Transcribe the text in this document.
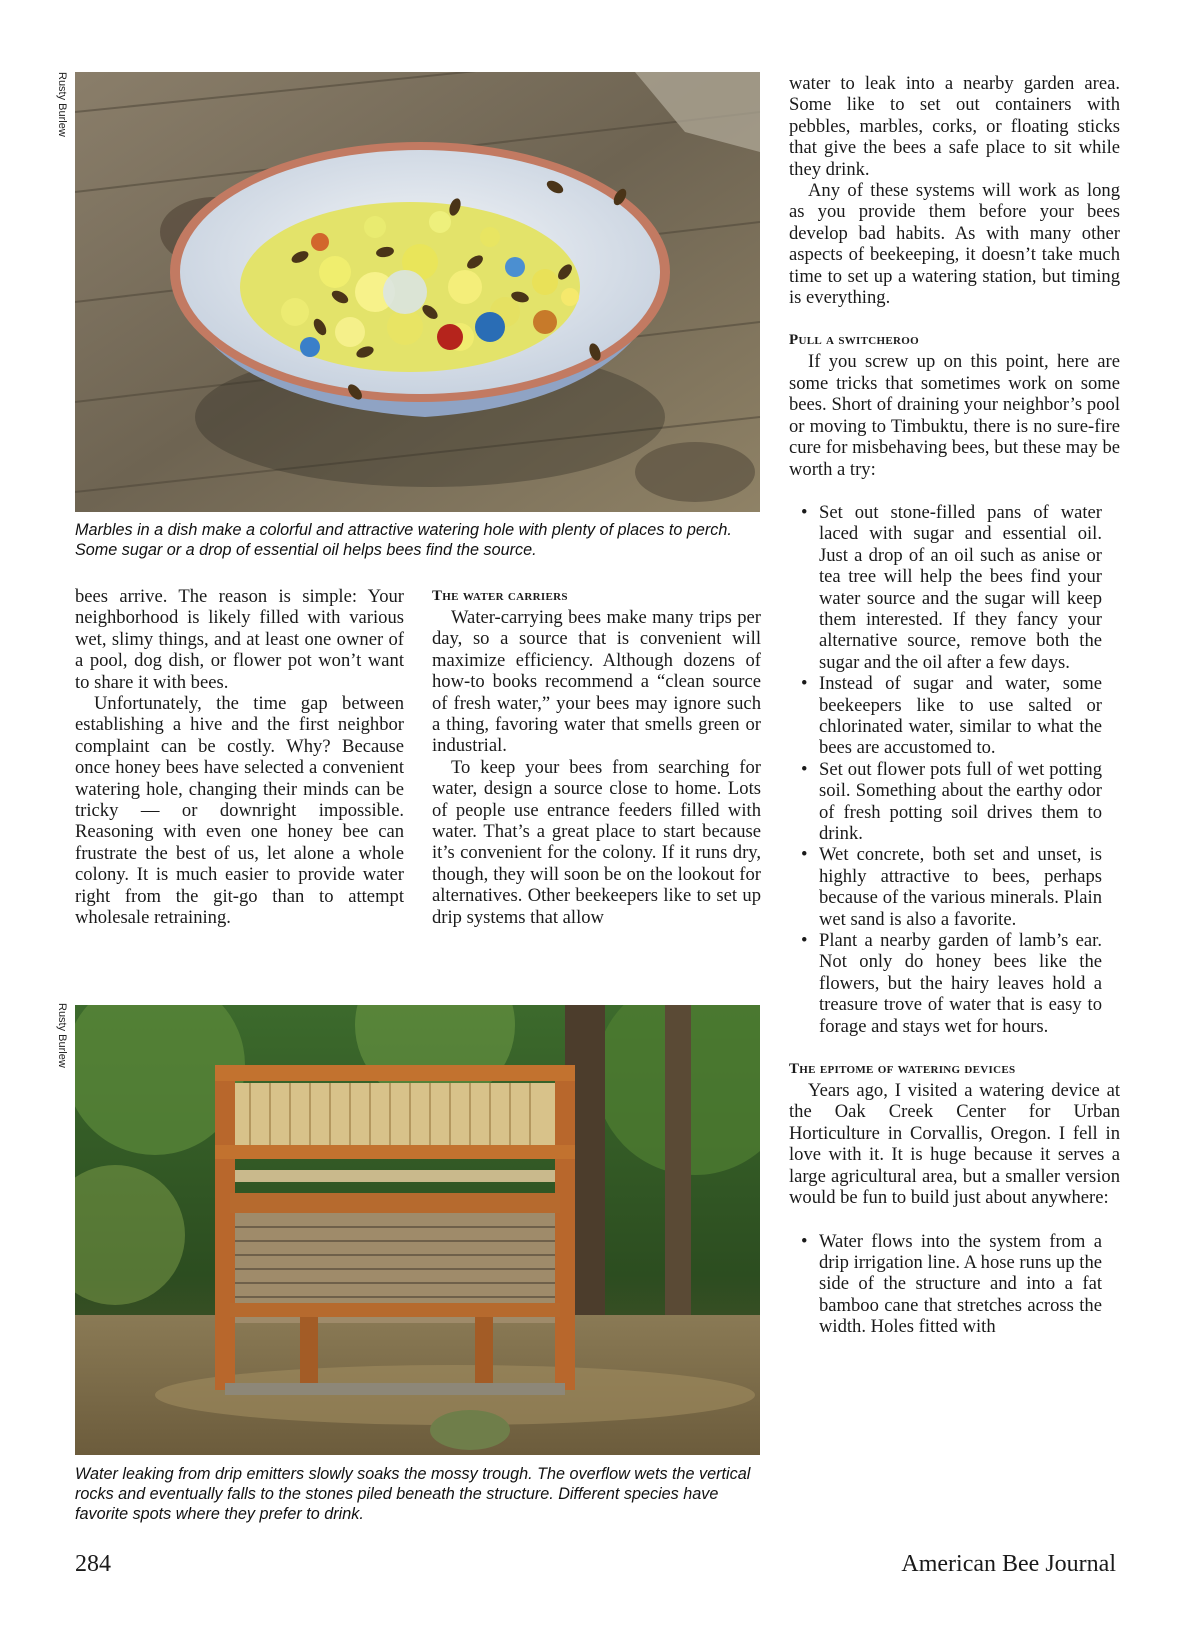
Rusty Burlew
Rusty Burlew

Marbles in a dish make a colorful and attractive watering hole with plenty of places to perch. Some sugar or a drop of essential oil helps bees find the source.

bees arrive. The reason is simple: Your neighborhood is likely filled with various wet, slimy things, and at least one owner of a pool, dog dish, or flower pot won’t want to share it with bees.

Unfortunately, the time gap between establishing a hive and the first neighbor complaint can be costly. Why? Because once honey bees have selected a convenient watering hole, changing their minds can be tricky — or downright impossible. Reasoning with even one honey bee can frustrate the best of us, let alone a whole colony. It is much easier to provide water right from the git-go than to attempt wholesale retraining.

The water carriers

Water-carrying bees make many trips per day, so a source that is convenient will maximize efficiency. Although dozens of how-to books recommend a “clean source of fresh water,” your bees may ignore such a thing, favoring water that smells green or industrial.

To keep your bees from searching for water, design a source close to home. Lots of people use entrance feeders filled with water. That’s a great place to start because it’s convenient for the colony. If it runs dry, though, they will soon be on the lookout for alternatives. Other beekeepers like to set up drip systems that allow

Water leaking from drip emitters slowly soaks the mossy trough. The overflow wets the vertical rocks and eventually falls to the stones piled beneath the structure. Different species have favorite spots where they prefer to drink.

water to leak into a nearby garden area. Some like to set out containers with pebbles, marbles, corks, or floating sticks that give the bees a safe place to sit while they drink.

Any of these systems will work as long as you provide them before your bees develop bad habits. As with many other aspects of beekeeping, it doesn’t take much time to set up a watering station, but timing is everything.

Pull a switcheroo

If you screw up on this point, here are some tricks that sometimes work on some bees. Short of draining your neighbor’s pool or moving to Timbuktu, there is no sure-fire cure for misbehaving bees, but these may be worth a try:

• Set out stone-filled pans of water laced with sugar and essential oil. Just a drop of an oil such as anise or tea tree will help the bees find your water source and the sugar will keep them interested. If they fancy your alternative source, remove both the sugar and the oil after a few days.
• Instead of sugar and water, some beekeepers like to use salted or chlorinated water, similar to what the bees are accustomed to.
• Set out flower pots full of wet potting soil. Something about the earthy odor of fresh potting soil drives them to drink.
• Wet concrete, both set and unset, is highly attractive to bees, perhaps because of the various minerals. Plain wet sand is also a favorite.
• Plant a nearby garden of lamb’s ear. Not only do honey bees like the flowers, but the hairy leaves hold a treasure trove of water that is easy to forage and stays wet for hours.
The epitome of watering devices

Years ago, I visited a watering device at the Oak Creek Center for Urban Horticulture in Corvallis, Oregon. I fell in love with it. It is huge because it serves a large agricultural area, but a smaller version would be fun to build just about anywhere:

• Water flows into the system from a drip irrigation line. A hose runs up the side of the structure and into a fat bamboo cane that stretches across the width. Holes fitted with
284	American Bee Journal
